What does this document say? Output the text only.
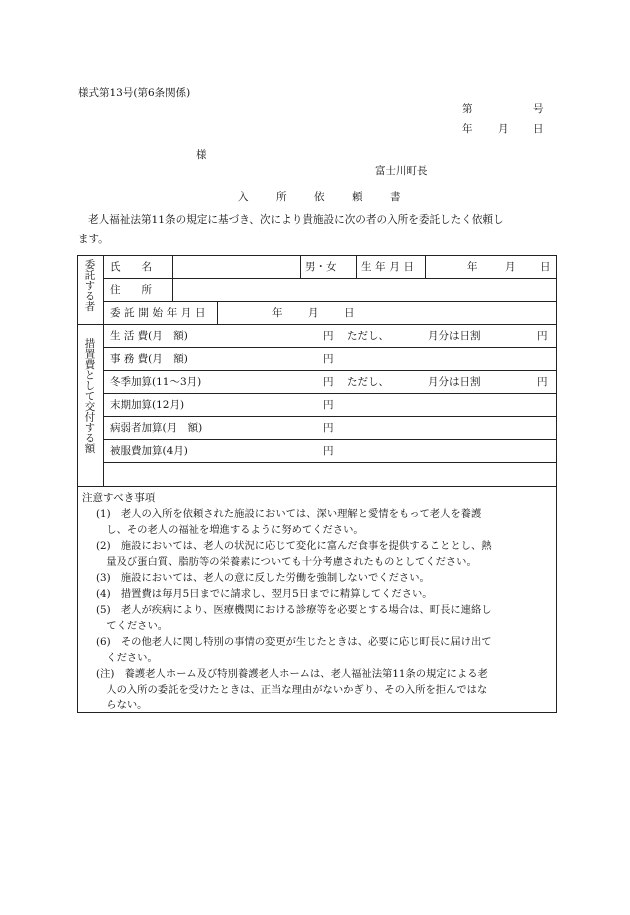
様式第13号(第6条関係)
第	号
年 月 日
様
富士川町長
入	所	依	頼	書
老人福祉法第11条の規定に基づき、次により貴施設に次の者の入所を委託したく依頼し
ます。
委託する者 氏　　名	男・女 生年月日	年	月 日
住　　所
委託開始年月日	年 月 日
措置費として交付する額
生 活 費(月　額)	円 ただし、	月分は日割	円
事 務 費(月　額)	円
冬季加算(11〜3月)	円 ただし、	月分は日割	円
末期加算(12月)	円
病弱者加算(月　額)	円
被服費加算(4月)	円
注意すべき事項
(1)　老人の入所を依頼された施設においては、深い理解と愛情をもって老人を養護
　し、その老人の福祉を増進するように努めてください。
(2)　施設においては、老人の状況に応じて変化に富んだ食事を提供することとし、熱
　量及び蛋白質、脂肪等の栄養素についても十分考慮されたものとしてください。
(3)　施設においては、老人の意に反した労働を強制しないでください。
(4)　措置費は毎月5日までに請求し、翌月5日までに精算してください。
(5)　老人が疾病により、医療機関における診療等を必要とする場合は、町長に連絡し
　てください。
(6)　その他老人に関し特別の事情の変更が生じたときは、必要に応じ町長に届け出て
　ください。
(注)　養護老人ホーム及び特別養護老人ホームは、老人福祉法第11条の規定による老
　人の入所の委託を受けたときは、正当な理由がないかぎり、その入所を拒んではな
　らない。
